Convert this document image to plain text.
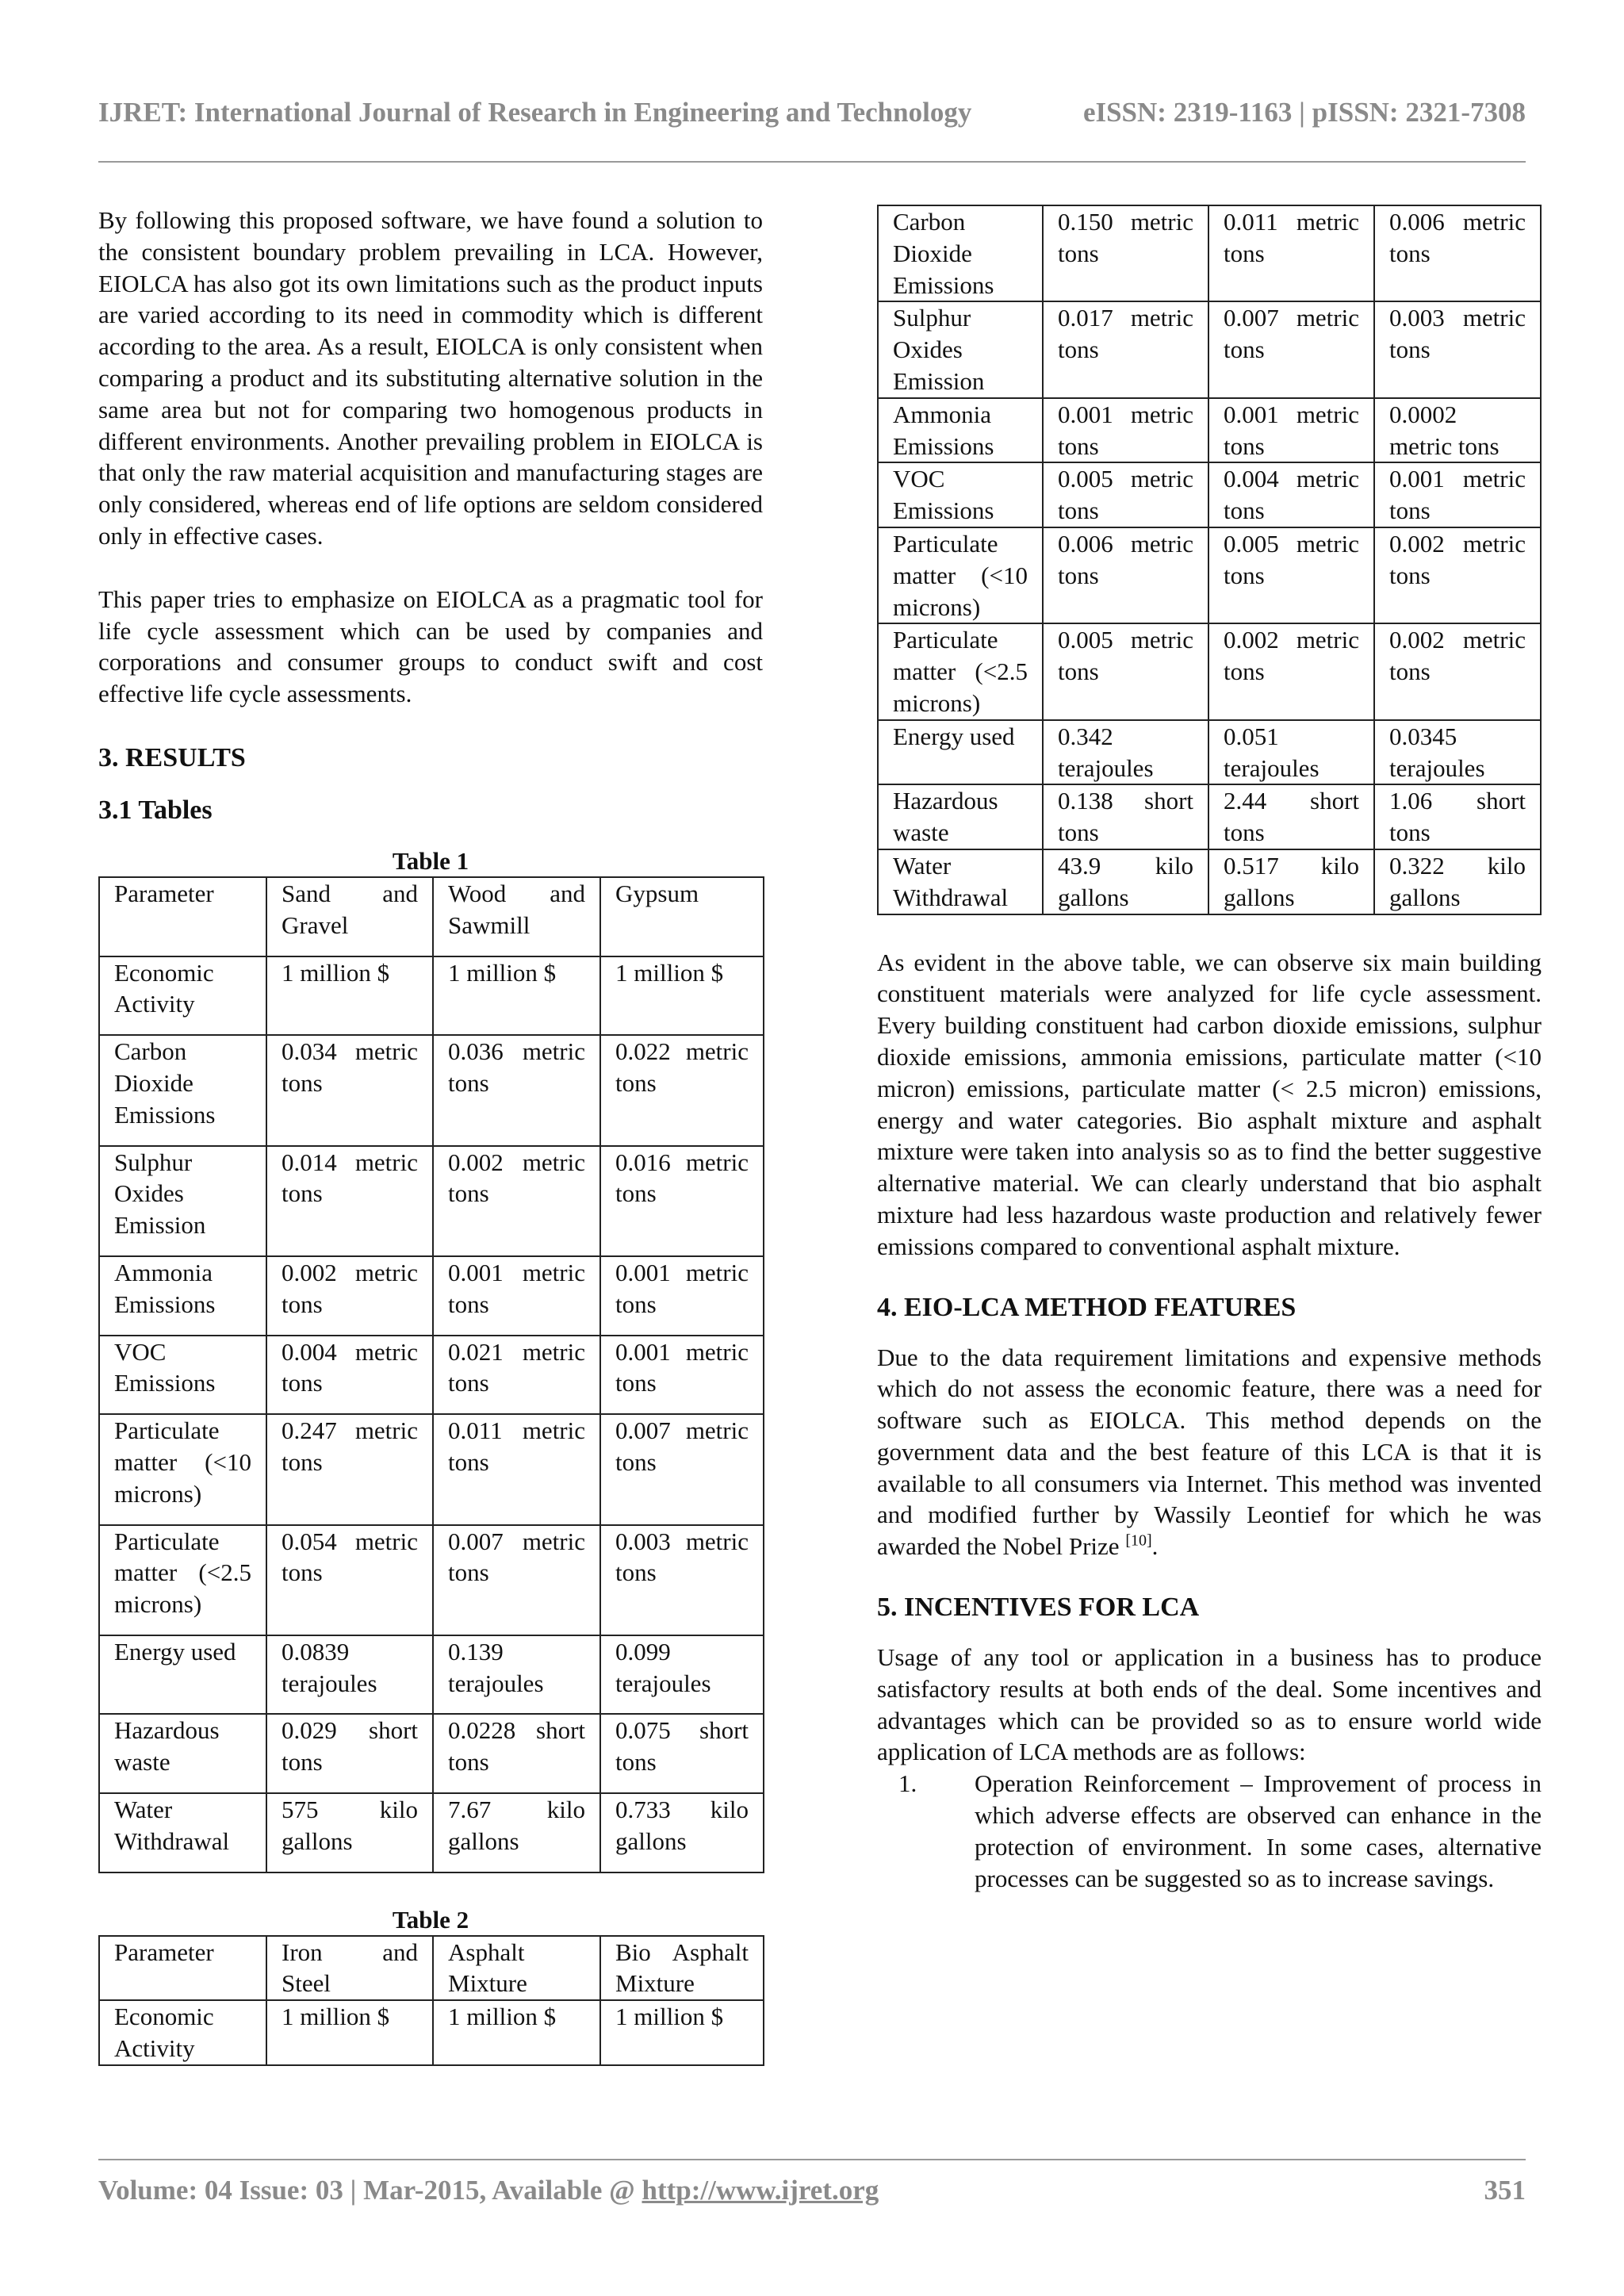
IJRET: International Journal of Research in Engineering and Technology	eISSN: 2319-1163 | pISSN: 2321-7308

By following this proposed software, we have found a solution to the consistent boundary problem prevailing in LCA. However, EIOLCA has also got its own limitations such as the product inputs are varied according to its need in commodity which is different according to the area. As a result, EIOLCA is only consistent when comparing a product and its substituting alternative solution in the same area but not for comparing two homogenous products in different environments. Another prevailing problem in EIOLCA is that only the raw material acquisition and manufacturing stages are only considered, whereas end of life options are seldom considered only in effective cases.

This paper tries to emphasize on EIOLCA as a pragmatic tool for life cycle assessment which can be used by companies and corporations and consumer groups to conduct swift and cost effective life cycle assessments.

3. RESULTS
3.1 Tables
Table 1
Parameter	Sand and Gravel	Wood and Sawmill	Gypsum
Economic Activity	1 million $	1 million $	1 million $
Carbon Dioxide Emissions	0.034 metric tons	0.036 metric tons	0.022 metric tons
Sulphur Oxides Emission	0.014 metric tons	0.002 metric tons	0.016 metric tons
Ammonia Emissions	0.002 metric tons	0.001 metric tons	0.001 metric tons
VOC Emissions	0.004 metric tons	0.021 metric tons	0.001 metric tons
Particulate matter (<10 microns)	0.247 metric tons	0.011 metric tons	0.007 metric tons
Particulate matter (<2.5 microns)	0.054 metric tons	0.007 metric tons	0.003 metric tons
Energy used	0.0839 terajoules	0.139 terajoules	0.099 terajoules
Hazardous waste	0.029 short tons	0.0228 short tons	0.075 short tons
Water Withdrawal	575 kilo gallons	7.67 kilo gallons	0.733 kilo gallons
Table 2
Parameter	Iron and Steel	Asphalt Mixture	Bio Asphalt Mixture
Economic Activity	1 million $	1 million $	1 million $
Carbon Dioxide Emissions	0.150 metric tons	0.011 metric tons	0.006 metric tons
Sulphur Oxides Emission	0.017 metric tons	0.007 metric tons	0.003 metric tons
Ammonia Emissions	0.001 metric tons	0.001 metric tons	0.0002 metric tons
VOC Emissions	0.005 metric tons	0.004 metric tons	0.001 metric tons
Particulate matter (<10 microns)	0.006 metric tons	0.005 metric tons	0.002 metric tons
Particulate matter (<2.5 microns)	0.005 metric tons	0.002 metric tons	0.002 metric tons
Energy used	0.342 terajoules	0.051 terajoules	0.0345 terajoules
Hazardous waste	0.138 short tons	2.44 short tons	1.06 short tons
Water Withdrawal	43.9 kilo gallons	0.517 kilo gallons	0.322 kilo gallons

As evident in the above table, we can observe six main building constituent materials were analyzed for life cycle assessment. Every building constituent had carbon dioxide emissions, sulphur dioxide emissions, ammonia emissions, particulate matter (<10 micron) emissions, particulate matter (< 2.5 micron) emissions, energy and water categories. Bio asphalt mixture and asphalt mixture were taken into analysis so as to find the better suggestive alternative material. We can clearly understand that bio asphalt mixture had less hazardous waste production and relatively fewer emissions compared to conventional asphalt mixture.

4. EIO-LCA METHOD FEATURES

Due to the data requirement limitations and expensive methods which do not assess the economic feature, there was a need for software such as EIOLCA. This method depends on the government data and the best feature of this LCA is that it is available to all consumers via Internet. This method was invented and modified further by Wassily Leontief for which he was awarded the Nobel Prize [10].

5. INCENTIVES FOR LCA

Usage of any tool or application in a business has to produce satisfactory results at both ends of the deal. Some incentives and advantages which can be provided so as to ensure world wide application of LCA methods are as follows:

1. Operation Reinforcement – Improvement of process in which adverse effects are observed can enhance in the protection of environment. In some cases, alternative processes can be suggested so as to increase savings.
Volume: 04 Issue: 03 | Mar-2015, Available @ http://www.ijret.org	351
